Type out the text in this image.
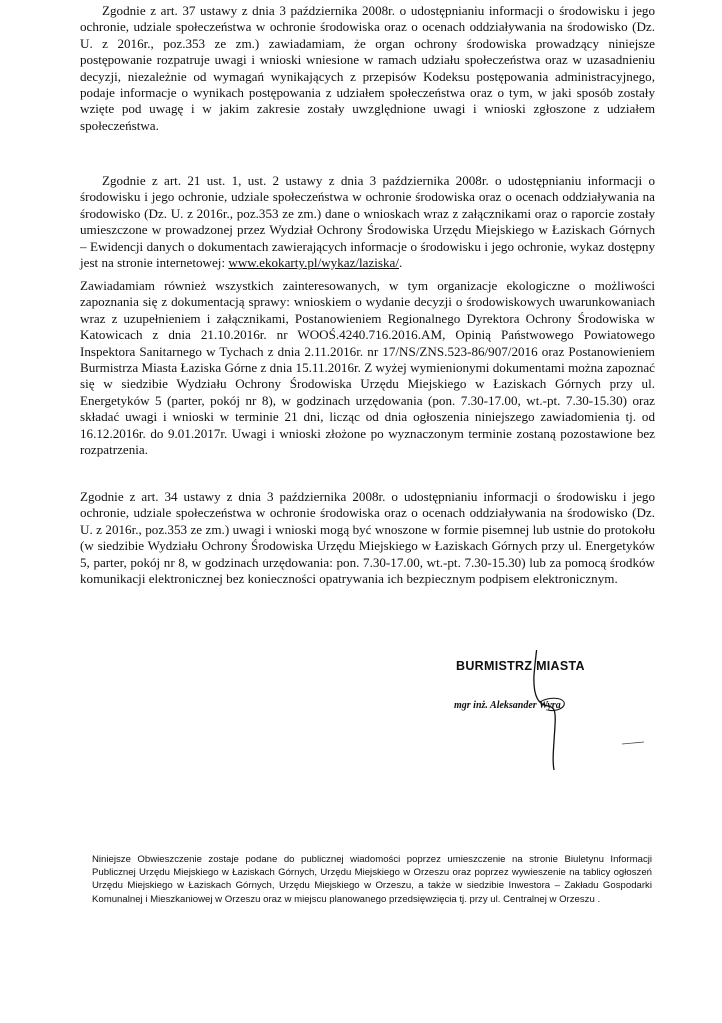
Zgodnie z art. 37 ustawy z dnia 3 października 2008r. o udostępnianiu informacji o środowisku i jego ochronie, udziale społeczeństwa w ochronie środowiska oraz o ocenach oddziaływania na środowisko (Dz. U. z 2016r., poz.353 ze zm.) zawiadamiam, że organ ochrony środowiska prowadzący niniejsze postępowanie rozpatruje uwagi i wnioski wniesione w ramach udziału społeczeństwa oraz w uzasadnieniu decyzji, niezależnie od wymagań wynikających z przepisów Kodeksu postępowania administracyjnego, podaje informacje o wynikach postępowania z udziałem społeczeństwa oraz o tym, w jaki sposób zostały wzięte pod uwagę i w jakim zakresie zostały uwzględnione uwagi i wnioski zgłoszone z udziałem społeczeństwa.

Zgodnie z art. 21 ust. 1, ust. 2 ustawy z dnia 3 października 2008r. o udostępnianiu informacji o środowisku i jego ochronie, udziale społeczeństwa w ochronie środowiska oraz o ocenach oddziaływania na środowisko (Dz. U. z 2016r., poz.353 ze zm.) dane o wnioskach wraz z załącznikami oraz o raporcie zostały umieszczone w prowadzonej przez Wydział Ochrony Środowiska Urzędu Miejskiego w Łaziskach Górnych – Ewidencji danych o dokumentach zawierających informacje o środowisku i jego ochronie, wykaz dostępny jest na stronie internetowej: www.ekokarty.pl/wykaz/laziska/.

Zawiadamiam również wszystkich zainteresowanych, w tym organizacje ekologiczne o możliwości zapoznania się z dokumentacją sprawy: wnioskiem o wydanie decyzji o środowiskowych uwarunkowaniach wraz z uzupełnieniem i załącznikami, Postanowieniem Regionalnego Dyrektora Ochrony Środowiska w Katowicach z dnia 21.10.2016r. nr WOOŚ.4240.716.2016.AM, Opinią Państwowego Powiatowego Inspektora Sanitarnego w Tychach z dnia 2.11.2016r. nr 17/NS/ZNS.523-86/907/2016 oraz Postanowieniem Burmistrza Miasta Łaziska Górne z dnia 15.11.2016r. Z wyżej wymienionymi dokumentami można zapoznać się w siedzibie Wydziału Ochrony Środowiska Urzędu Miejskiego w Łaziskach Górnych przy ul. Energetyków 5 (parter, pokój nr 8), w godzinach urzędowania (pon. 7.30-17.00, wt.-pt. 7.30-15.30) oraz składać uwagi i wnioski w terminie 21 dni, licząc od dnia ogłoszenia niniejszego zawiadomienia tj. od 16.12.2016r. do 9.01.2017r. Uwagi i wnioski złożone po wyznaczonym terminie zostaną pozostawione bez rozpatrzenia.

Zgodnie z art. 34 ustawy z dnia 3 października 2008r. o udostępnianiu informacji o środowisku i jego ochronie, udziale społeczeństwa w ochronie środowiska oraz o ocenach oddziaływania na środowisko (Dz. U. z 2016r., poz.353 ze zm.) uwagi i wnioski mogą być wnoszone w formie pisemnej lub ustnie do protokołu (w siedzibie Wydziału Ochrony Środowiska Urzędu Miejskiego w Łaziskach Górnych przy ul. Energetyków 5, parter, pokój nr 8, w godzinach urzędowania: pon. 7.30-17.00, wt.-pt. 7.30-15.30) lub za pomocą środków komunikacji elektronicznej bez konieczności opatrywania ich bezpiecznym podpisem elektronicznym.

BURMISTRZ MIASTA
mgr inż. Aleksander Wyra

Niniejsze Obwieszczenie zostaje podane do publicznej wiadomości poprzez umieszczenie na stronie Biuletynu Informacji Publicznej Urzędu Miejskiego w Łaziskach Górnych, Urzędu Miejskiego w Orzeszu oraz poprzez wywieszenie na tablicy ogłoszeń Urzędu Miejskiego w Łaziskach Górnych, Urzędu Miejskiego w Orzeszu, a także w siedzibie Inwestora – Zakładu Gospodarki Komunalnej i Mieszkaniowej w Orzeszu oraz w miejscu planowanego przedsięwzięcia tj. przy ul. Centralnej w Orzeszu .
